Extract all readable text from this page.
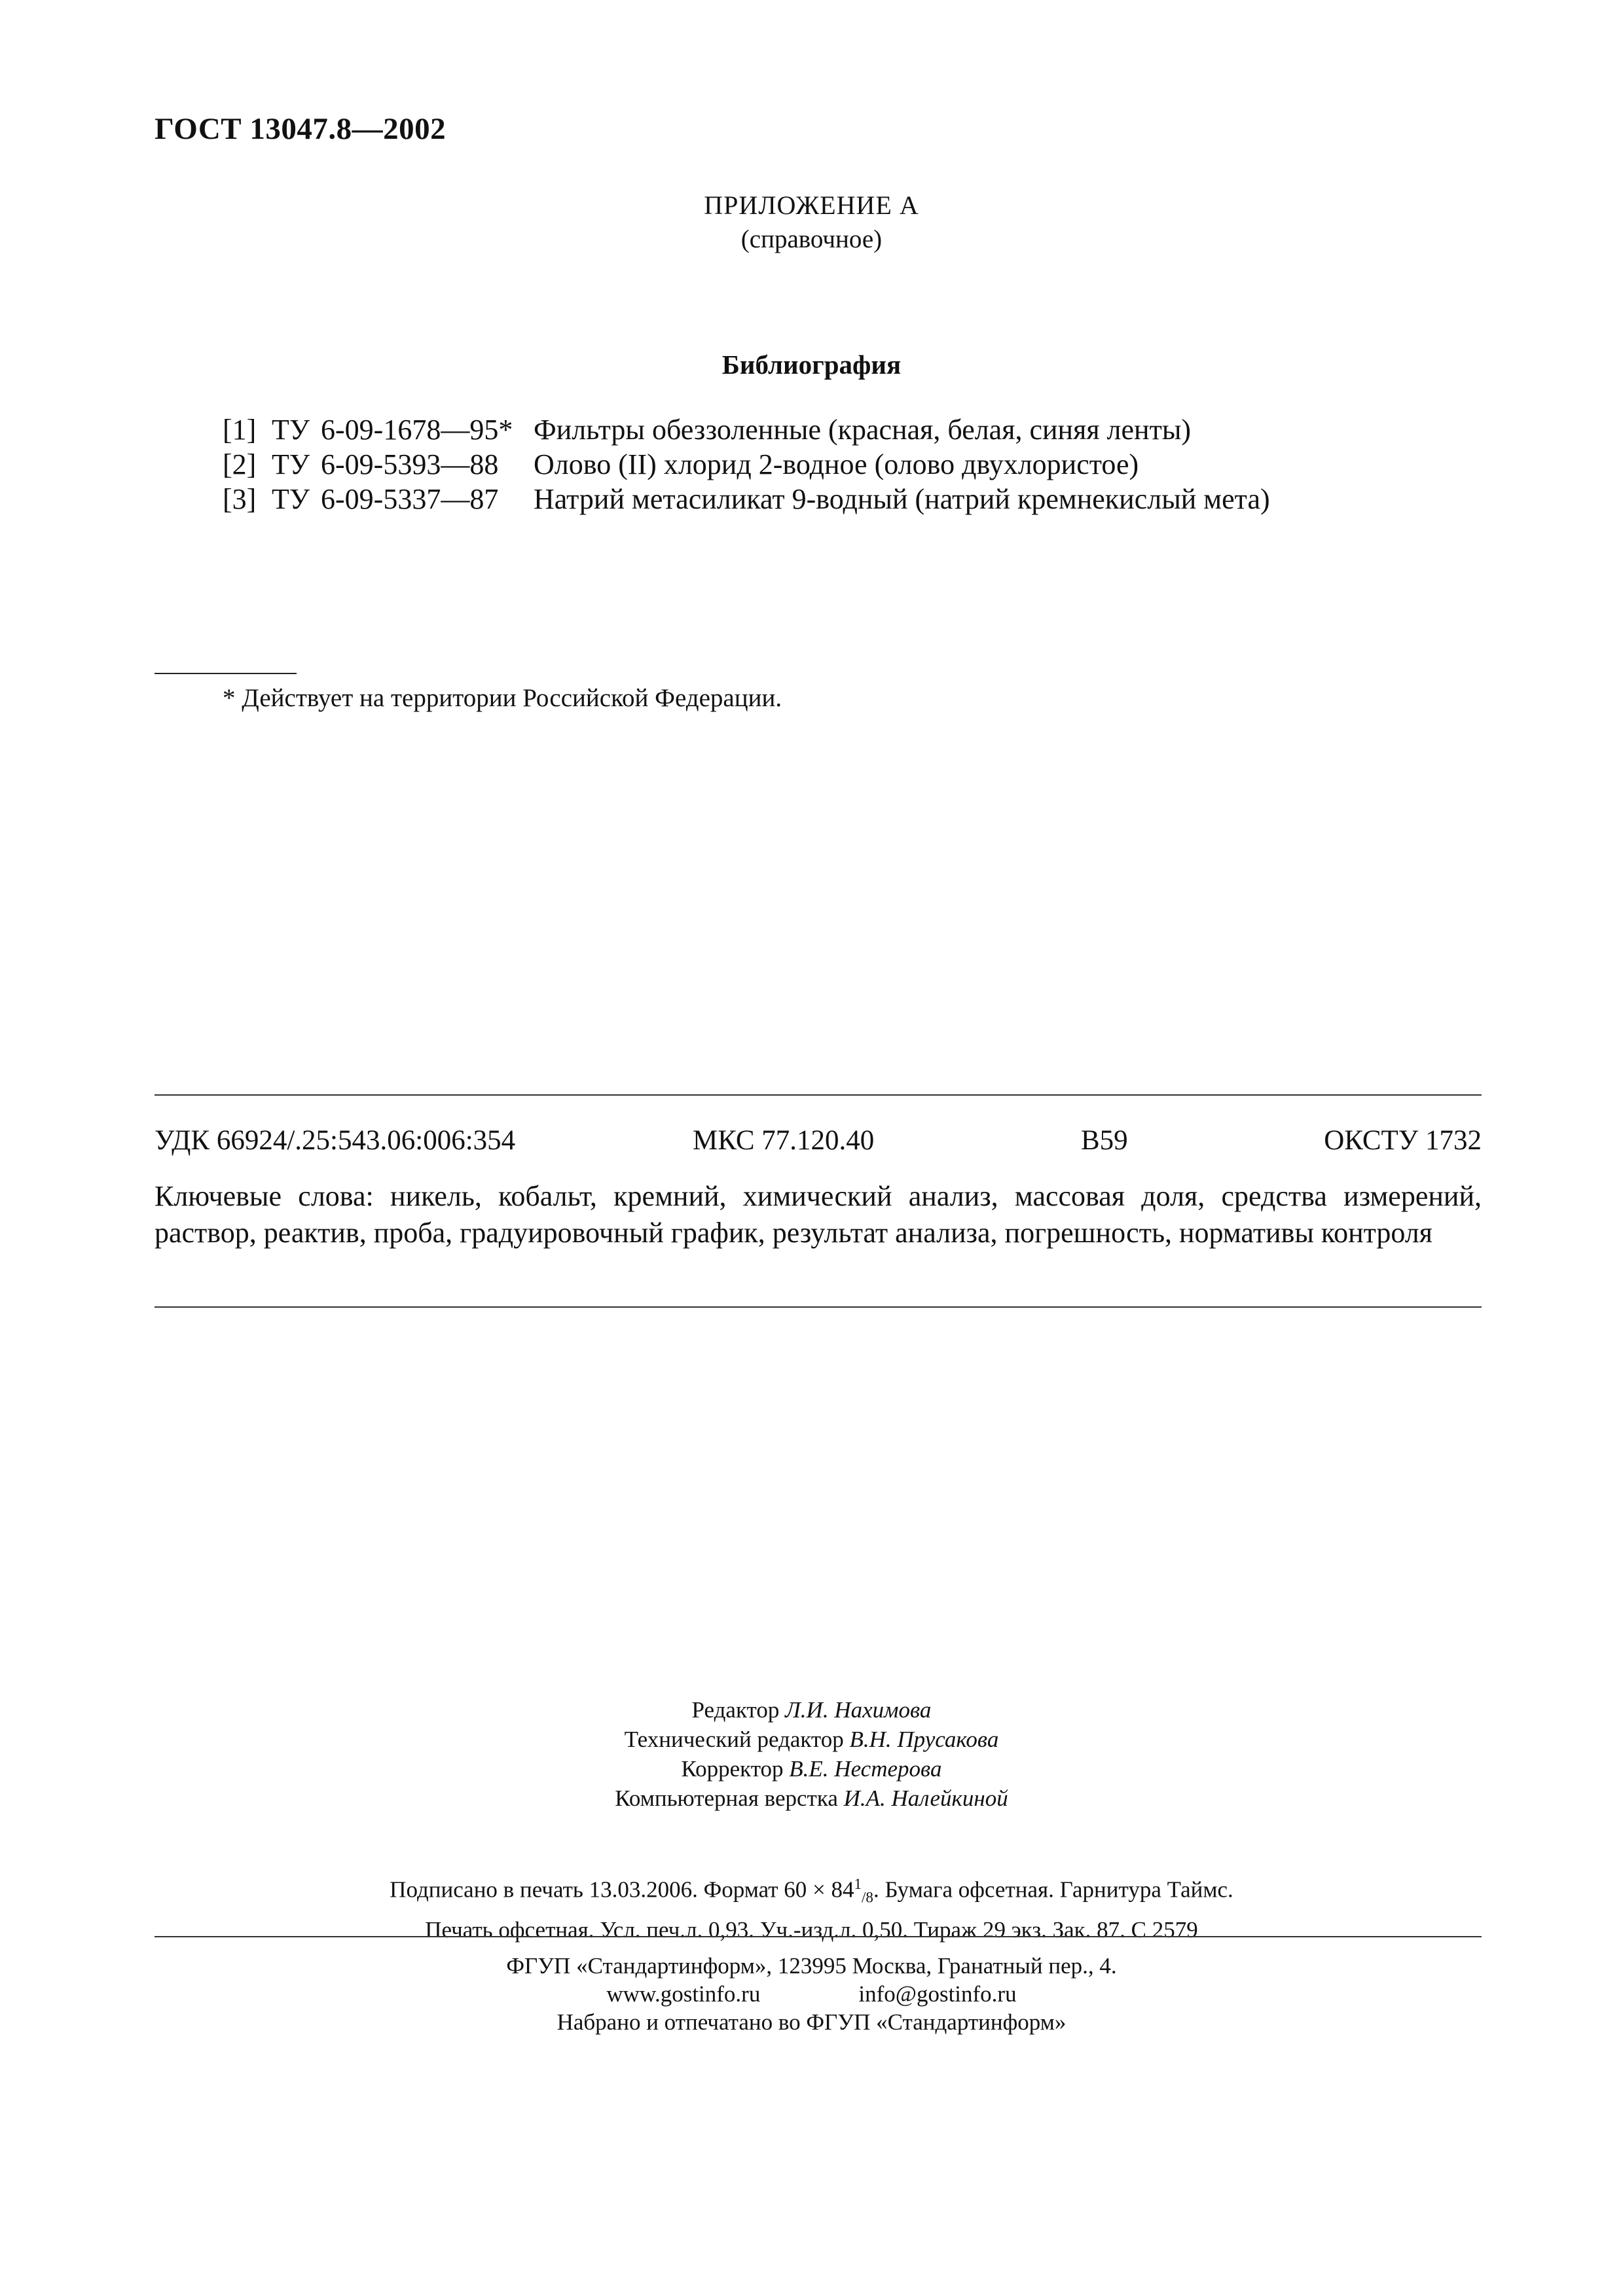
ГОСТ 13047.8—2002
ПРИЛОЖЕНИЕ А
(справочное)
Библиография
[1] ТУ 6-09-1678—95* Фильтры обеззоленные (красная, белая, синяя ленты)
[2] ТУ 6-09-5393—88	Олово (II) хлорид 2-водное (олово двухлористое)
[3] ТУ 6-09-5337—87	Натрий метасиликат 9-водный (натрий кремнекислый мета)
* Действует на территории Российской Федерации.
УДК 66924/.25:543.06:006:354	МКС 77.120.40	В59	ОКСТУ 1732
Ключевые слова: никель, кобальт, кремний, химический анализ, массовая доля, средства измерений, раствор, реактив, проба, градуировочный график, результат анализа, погрешность, нормативы контроля
Редактор Л.И. Нахимова
Технический редактор В.Н. Прусакова
Корректор В.Е. Нестерова
Компьютерная верстка И.А. Налейкиной
Подписано в печать 13.03.2006. Формат $60 \times 84^1_{/8}$. Бумага офсетная. Гарнитура Таймс.
Печать офсетная. Усл. печ.л. 0,93. Уч.-изд.л. 0,50. Тираж 29 экз. Зак. 87. С 2579
ФГУП «Стандартинформ», 123995 Москва, Гранатный пер., 4.
www.gostinfo.ru	info@gostinfo.ru
Набрано и отпечатано во ФГУП «Стандартинформ»
